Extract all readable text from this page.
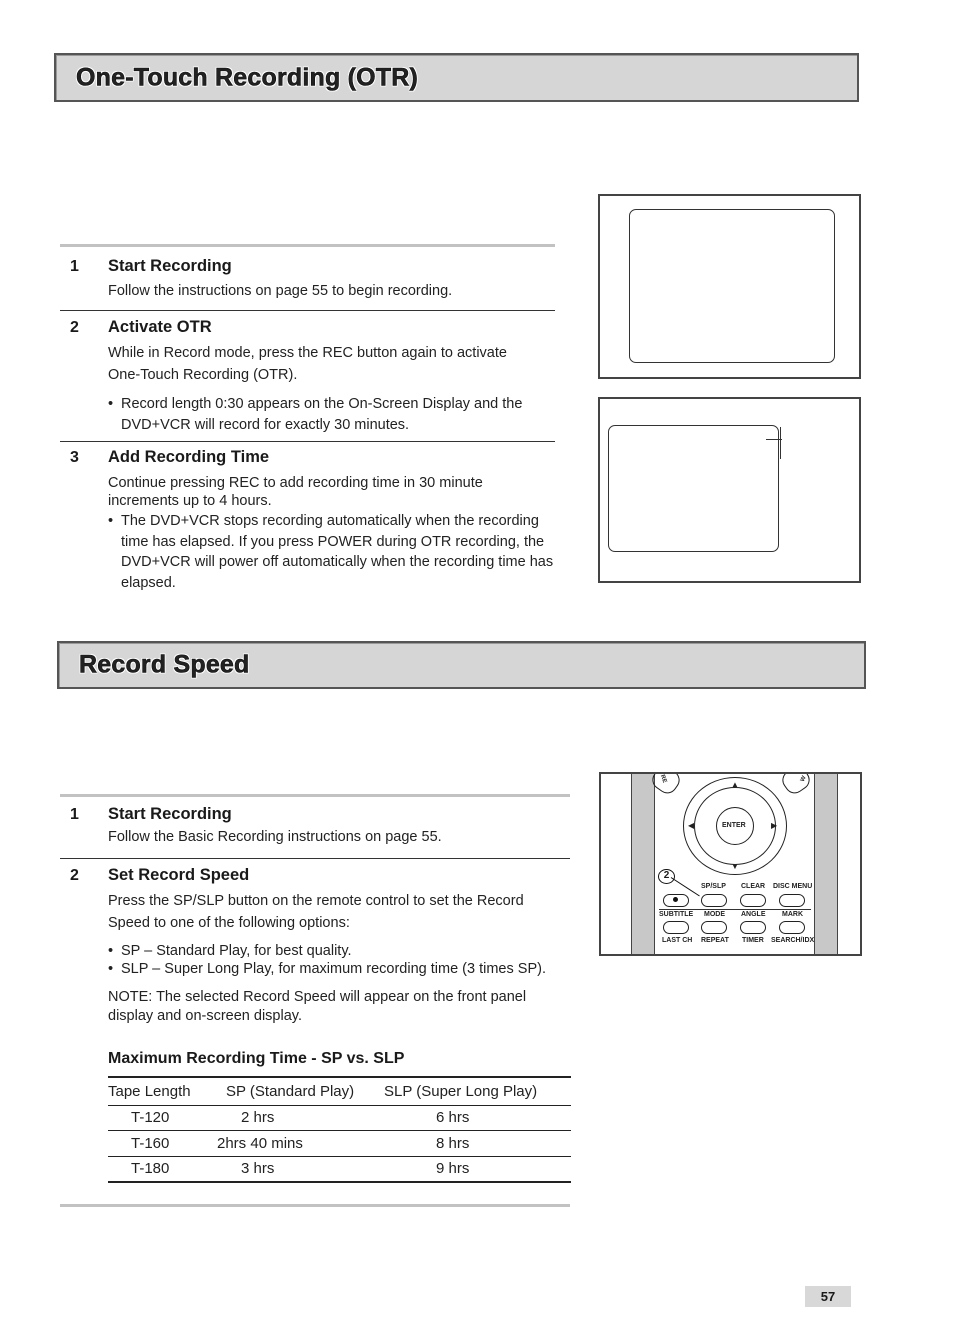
One-Touch Recording (OTR)
1 Start Recording
Follow the instructions on page 55 to begin recording.
2 Activate OTR
While in Record mode, press the REC button again to activate One-Touch Recording (OTR).
• Record length 0:30 appears on the On-Screen Display and the DVD+VCR will record for exactly 30 minutes.
3 Add Recording Time
Continue pressing REC to add recording time in 30 minute increments up to 4 hours.
• The DVD+VCR stops recording automatically when the recording time has elapsed. If you press POWER during OTR recording, the DVD+VCR will power off automatically when the recording time has elapsed.
Record Speed
1 Start Recording
Follow the Basic Recording instructions on page 55.
2 Set Record Speed
Press the SP/SLP button on the remote control to set the Record Speed to one of the following options:
• SP – Standard Play, for best quality.
• SLP – Super Long Play, for maximum recording time (3 times SP).
NOTE: The selected Record Speed will appear on the front panel display and on-screen display.
Maximum Recording Time - SP vs. SLP
Tape Length	SP (Standard Play)	SLP (Super Long Play)
T-120	2 hrs	6 hrs
T-160	2hrs 40 mins	8 hrs
T-180	3 hrs	9 hrs
RE	W
ENTER
▲
▼
◀	▶
2
SP/SLP CLEAR DISC MENU
SUBTITLE MODE ANGLE MARK
LAST CH REPEAT TIMER SEARCH/IDX
57
